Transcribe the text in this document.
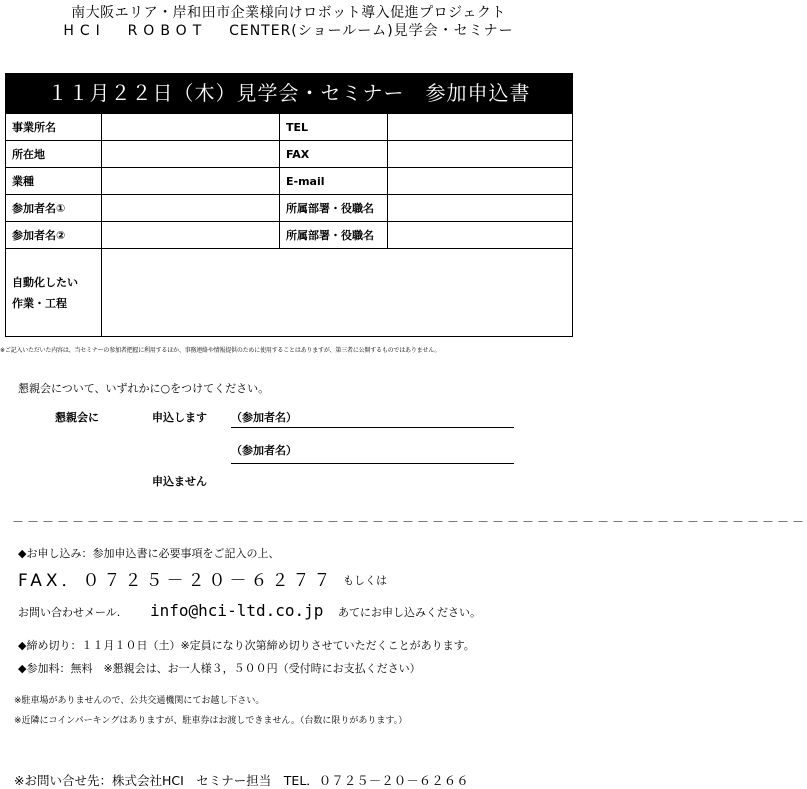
南大阪エリア・岸和田市企業様向けロボット導入促進プロジェクト
HCI ROBOT CENTER(ショールーム)見学会・セミナー
１１月２２日（木）見学会・セミナー　参加申込書
事業所名		TEL	
所在地		FAX	
業種		E-mail	
参加者名①		所属部署・役職名	
参加者名②		所属部署・役職名	
自動化したい
作業・工程			
※ご記入いただいた内容は、当セミナーの参加者把握に利用するほか、事務連絡や情報提供のために使用することはありますが、第三者に公開するものではありません。
懇親会について、いずれかに○をつけてください。
懇親会に	申込します （参加者名）
（参加者名）
申込ません
－－－－－－－－－－－－－－－－－－－－－－－－－－－－－－－－－－－－－－－－－－－－－－－－－－－－－
◆お申し込み：参加申込書に必要事項をご記入の上、
FAX．０７２５－２０－６２７７ もしくは
お問い合わせメール. info@hci-ltd.co.jp あてにお申し込みください。
◆締め切り：１１月１０日（土）※定員になり次第締め切りさせていただくことがあります。
◆参加料：無料　※懇親会は、お一人様３，５００円（受付時にお支払ください）
※駐車場がありませんので、公共交通機関にてお越し下さい。
※近隣にコインパーキングはありますが、駐車券はお渡しできません。（台数に限りがあります。）
※お問い合せ先：株式会社HCI　セミナー担当　TEL．０７２５－２０－６２６６
